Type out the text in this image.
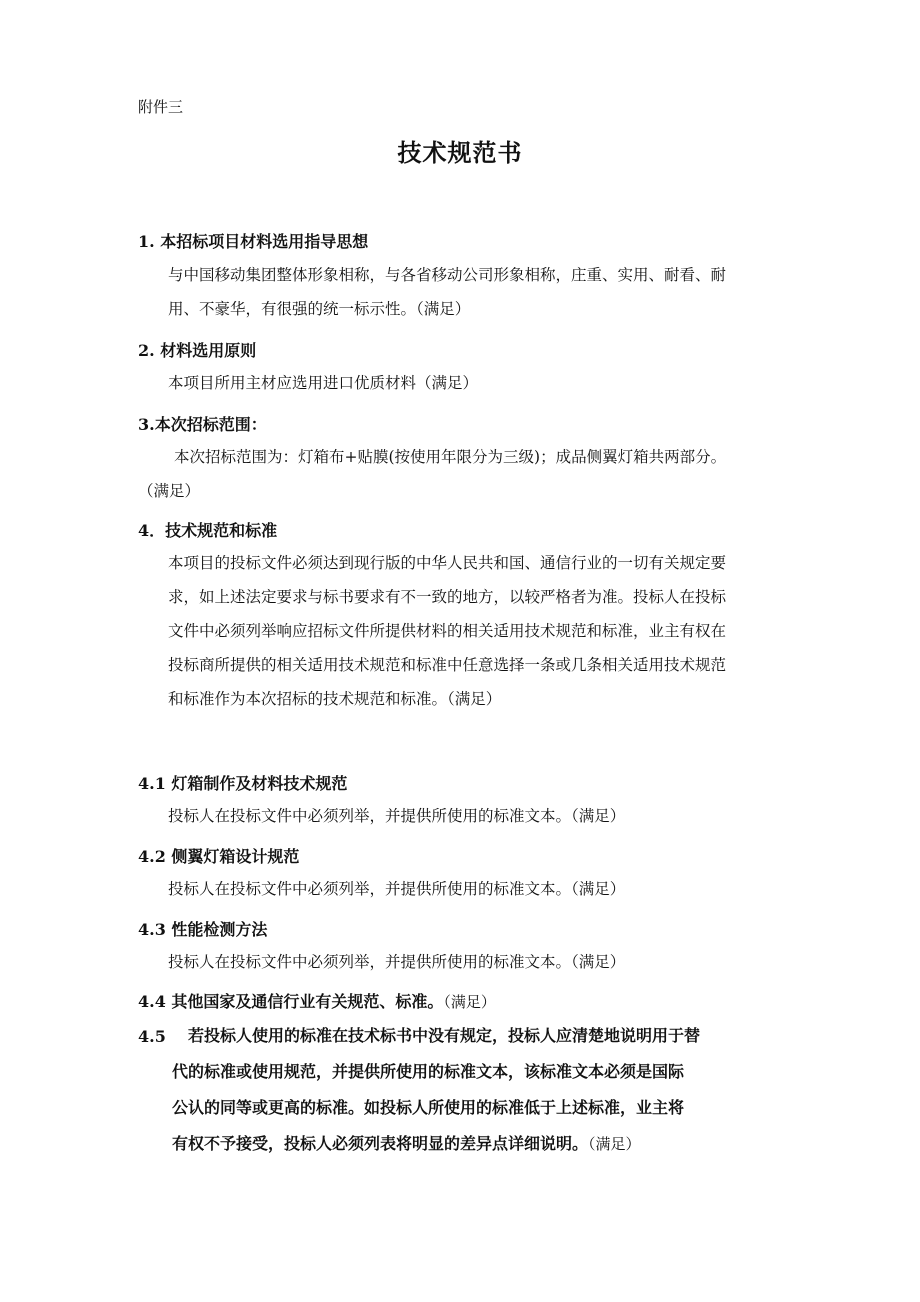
附件三
技术规范书
1. 本招标项目材料选用指导思想
与中国移动集团整体形象相称，与各省移动公司形象相称，庄重、实用、耐看、耐
用、不豪华，有很强的统一标示性。（满足）
2. 材料选用原则
本项目所用主材应选用进口优质材料（满足）
3.本次招标范围：
本次招标范围为：灯箱布+贴膜(按使用年限分为三级)；成品侧翼灯箱共两部分。
（满足）
4．技术规范和标准
本项目的投标文件必须达到现行版的中华人民共和国、通信行业的一切有关规定要
求，如上述法定要求与标书要求有不一致的地方，以较严格者为准。投标人在投标
文件中必须列举响应招标文件所提供材料的相关适用技术规范和标准，业主有权在
投标商所提供的相关适用技术规范和标准中任意选择一条或几条相关适用技术规范
和标准作为本次招标的技术规范和标准。（满足）
4.1 灯箱制作及材料技术规范
投标人在投标文件中必须列举，并提供所使用的标准文本。（满足）
4.2 侧翼灯箱设计规范
投标人在投标文件中必须列举，并提供所使用的标准文本。（满足）
4.3 性能检测方法
投标人在投标文件中必须列举，并提供所使用的标准文本。（满足）
4.4 其他国家及通信行业有关规范、标准。（满足）
4.5 若投标人使用的标准在技术标书中没有规定，投标人应清楚地说明用于替
代的标准或使用规范，并提供所使用的标准文本，该标准文本必须是国际
公认的同等或更高的标准。如投标人所使用的标准低于上述标准，业主将
有权不予接受，投标人必须列表将明显的差异点详细说明。（满足）
